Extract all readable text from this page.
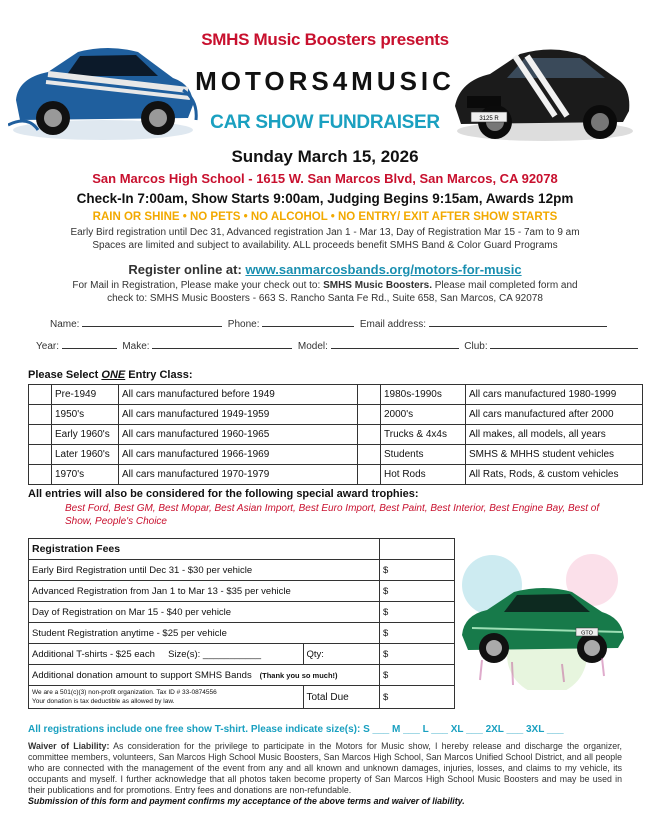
3125 R
SMHS Music Boosters presents
MOTORS4MUSIC
CAR SHOW FUNDRAISER
Sunday March 15, 2026
San Marcos High School - 1615 W. San Marcos Blvd, San Marcos, CA 92078
Check-In 7:00am, Show Starts 9:00am, Judging Begins 9:15am, Awards 12pm
RAIN OR SHINE • NO PETS • NO ALCOHOL • NO ENTRY/ EXIT AFTER SHOW STARTS
Early Bird registration until Dec 31, Advanced registration Jan 1 - Mar 13, Day of Registration Mar 15 - 7am to 9 am
Spaces are limited and subject to availability. ALL proceeds benefit SMHS Band & Color Guard Programs
Register online at: www.sanmarcosbands.org/motors-for-music
For Mail in Registration, Please make your check out to: SMHS Music Boosters. Please mail completed form and
check to: SMHS Music Boosters - 663 S. Rancho Santa Fe Rd., Suite 658, San Marcos, CA 92078
Name:	Phone:	Email address:
Year:	Make:	Model:	Club:
Please Select ONE Entry Class:
	Pre-1949	All cars manufactured before 1949		1980s-1990s	All cars manufactured 1980-1999
	1950's	All cars manufactured 1949-1959		2000's	All cars manufactured after 2000
	Early 1960's	All cars manufactured 1960-1965		Trucks & 4x4s	All makes, all models, all years
	Later 1960's	All cars manufactured 1966-1969		Students	SMHS & MHHS student vehicles
	1970's	All cars manufactured 1970-1979		Hot Rods	All Rats, Rods, & custom vehicles
All entries will also be considered for the following special award trophies:
Best Ford, Best GM, Best Mopar, Best Asian Import, Best Euro Import, Best Paint, Best Interior, Best Engine Bay, Best of Show, People's Choice
Registration Fees		
Early Bird Registration until Dec 31 - $30 per vehicle		$
Advanced Registration from Jan 1 to Mar 13 - $35 per vehicle		$
Day of Registration on Mar 15 - $40 per vehicle		$
Student Registration anytime - $25 per vehicle		$
Additional T-shirts - $25 each Size(s): ___________	Qty:	$
Additional donation amount to support SMHS Bands (Thank you so much!)		$

We are a 501(c)(3) non-profit organization. Tax ID # 33-0874556
Your donation is tax deductible as allowed by law.	Total Due	$
GTO
All registrations include one free show T-shirt. Please indicate size(s): S ___ M ___ L ___ XL ___ 2XL ___ 3XL ___
Waiver of Liability: As consideration for the privilege to participate in the Motors for Music show, I hereby release and discharge the organizer, committee members, volunteers, San Marcos High School Music Boosters, San Marcos High School, San Marcos Unified School District, and all people who are connected with the management of the event from any and all known and unknown damages, injuries, losses, and claims to my vehicle, its occupants and myself. I further acknowledge that all photos taken become property of San Marcos High School Music Boosters and may be used in their publications and for promotions. Entry fees and donations are non-refundable.
Submission of this form and payment confirms my acceptance of the above terms and waiver of liability.
